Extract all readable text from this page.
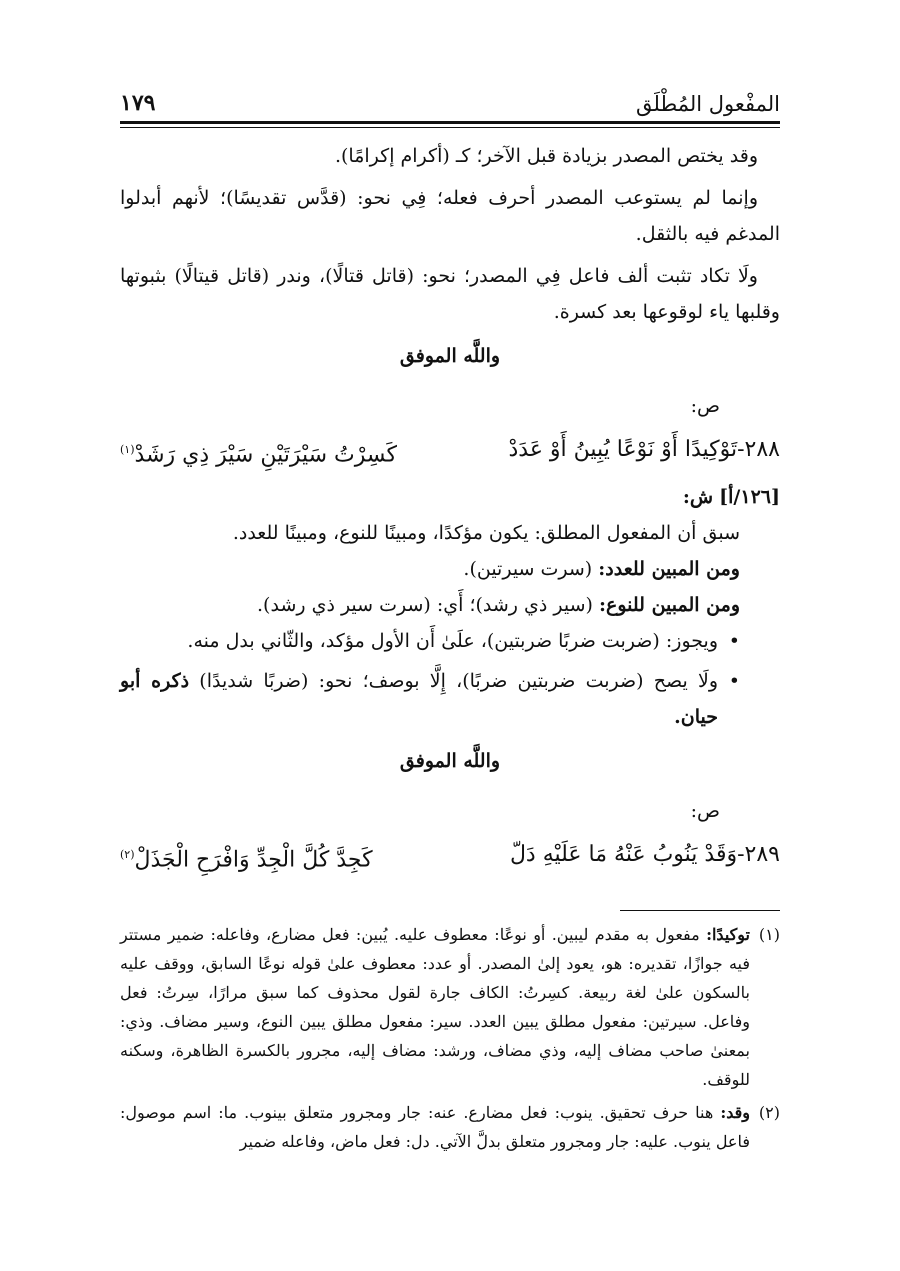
١٧٩	المفْعول المُطْلَق

وقد يختص المصدر بزيادة قبل الآخر؛ كـ (أكرام إكرامًا).

وإنما لم يستوعب المصدر أحرف فعله؛ فِي نحو: (قدَّس تقديسًا)؛ لأنهم أبدلوا المدغم فيه بالثقل.

ولَا تكاد تثبت ألف فاعل فِي المصدر؛ نحو: (قاتل قتالًا)، وندر (قاتل قيتالًا) بثبوتها وقلبها ياء لوقوعها بعد كسرة.

واللَّه الموفق

ص:

٢٨٨-تَوْكِيدًا أَوْ نَوْعًا يُبِينُ أَوْ عَدَدْ
كَسِرْتُ سَيْرَتَيْنِ سَيْرَ ذِي رَشَدْ$^{(١)}$

[١٢٦/أ] ش:

سبق أن المفعول المطلق: يكون مؤكدًا، ومبينًا للنوع، ومبينًا للعدد.

ومن المبين للعدد: (سرت سيرتين).

ومن المبين للنوع: (سير ذي رشد)؛ أَي: (سرت سير ذي رشد).

• ويجوز: (ضربت ضربًا ضربتين)، علَىٰ أَن الأول مؤكد، والثّاني بدل منه.
• ولَا يصح (ضربت ضربتين ضربًا)، إِلَّا بوصف؛ نحو: (ضربًا شديدًا) ذكره أبو حيان.
واللَّه الموفق

ص:

٢٨٩-وَقَدْ يَنُوبُ عَنْهُ مَا عَلَيْهِ دَلّ
كَجِدَّ كُلَّ الْجِدِّ وَافْرَحِ الْجَذَلْ$^{(٢)}$

(١)
توكيدًا: مفعول به مقدم ليبين. أو نوعًا: معطوف عليه. يُبين: فعل مضارع، وفاعله: ضمير مستتر فيه جوازًا، تقديره: هو، يعود إلىٰ المصدر. أو عدد: معطوف علىٰ قوله نوعًا السابق، ووقف عليه بالسكون علىٰ لغة ربيعة. كسِرتُ: الكاف جارة لقول محذوف كما سبق مرارًا، سِرتُ: فعل وفاعل. سيرتين: مفعول مطلق يبين العدد. سير: مفعول مطلق يبين النوع، وسير مضاف. وذي: بمعنىٰ صاحب مضاف إليه، وذي مضاف، ورشد: مضاف إليه، مجرور بالكسرة الظاهرة، وسكنه للوقف.

(٢)
وقد: هنا حرف تحقيق. ينوب: فعل مضارع. عنه: جار ومجرور متعلق بينوب. ما: اسم موصول: فاعل ينوب. عليه: جار ومجرور متعلق بدلَّ الآتي. دل: فعل ماض، وفاعله ضمير
